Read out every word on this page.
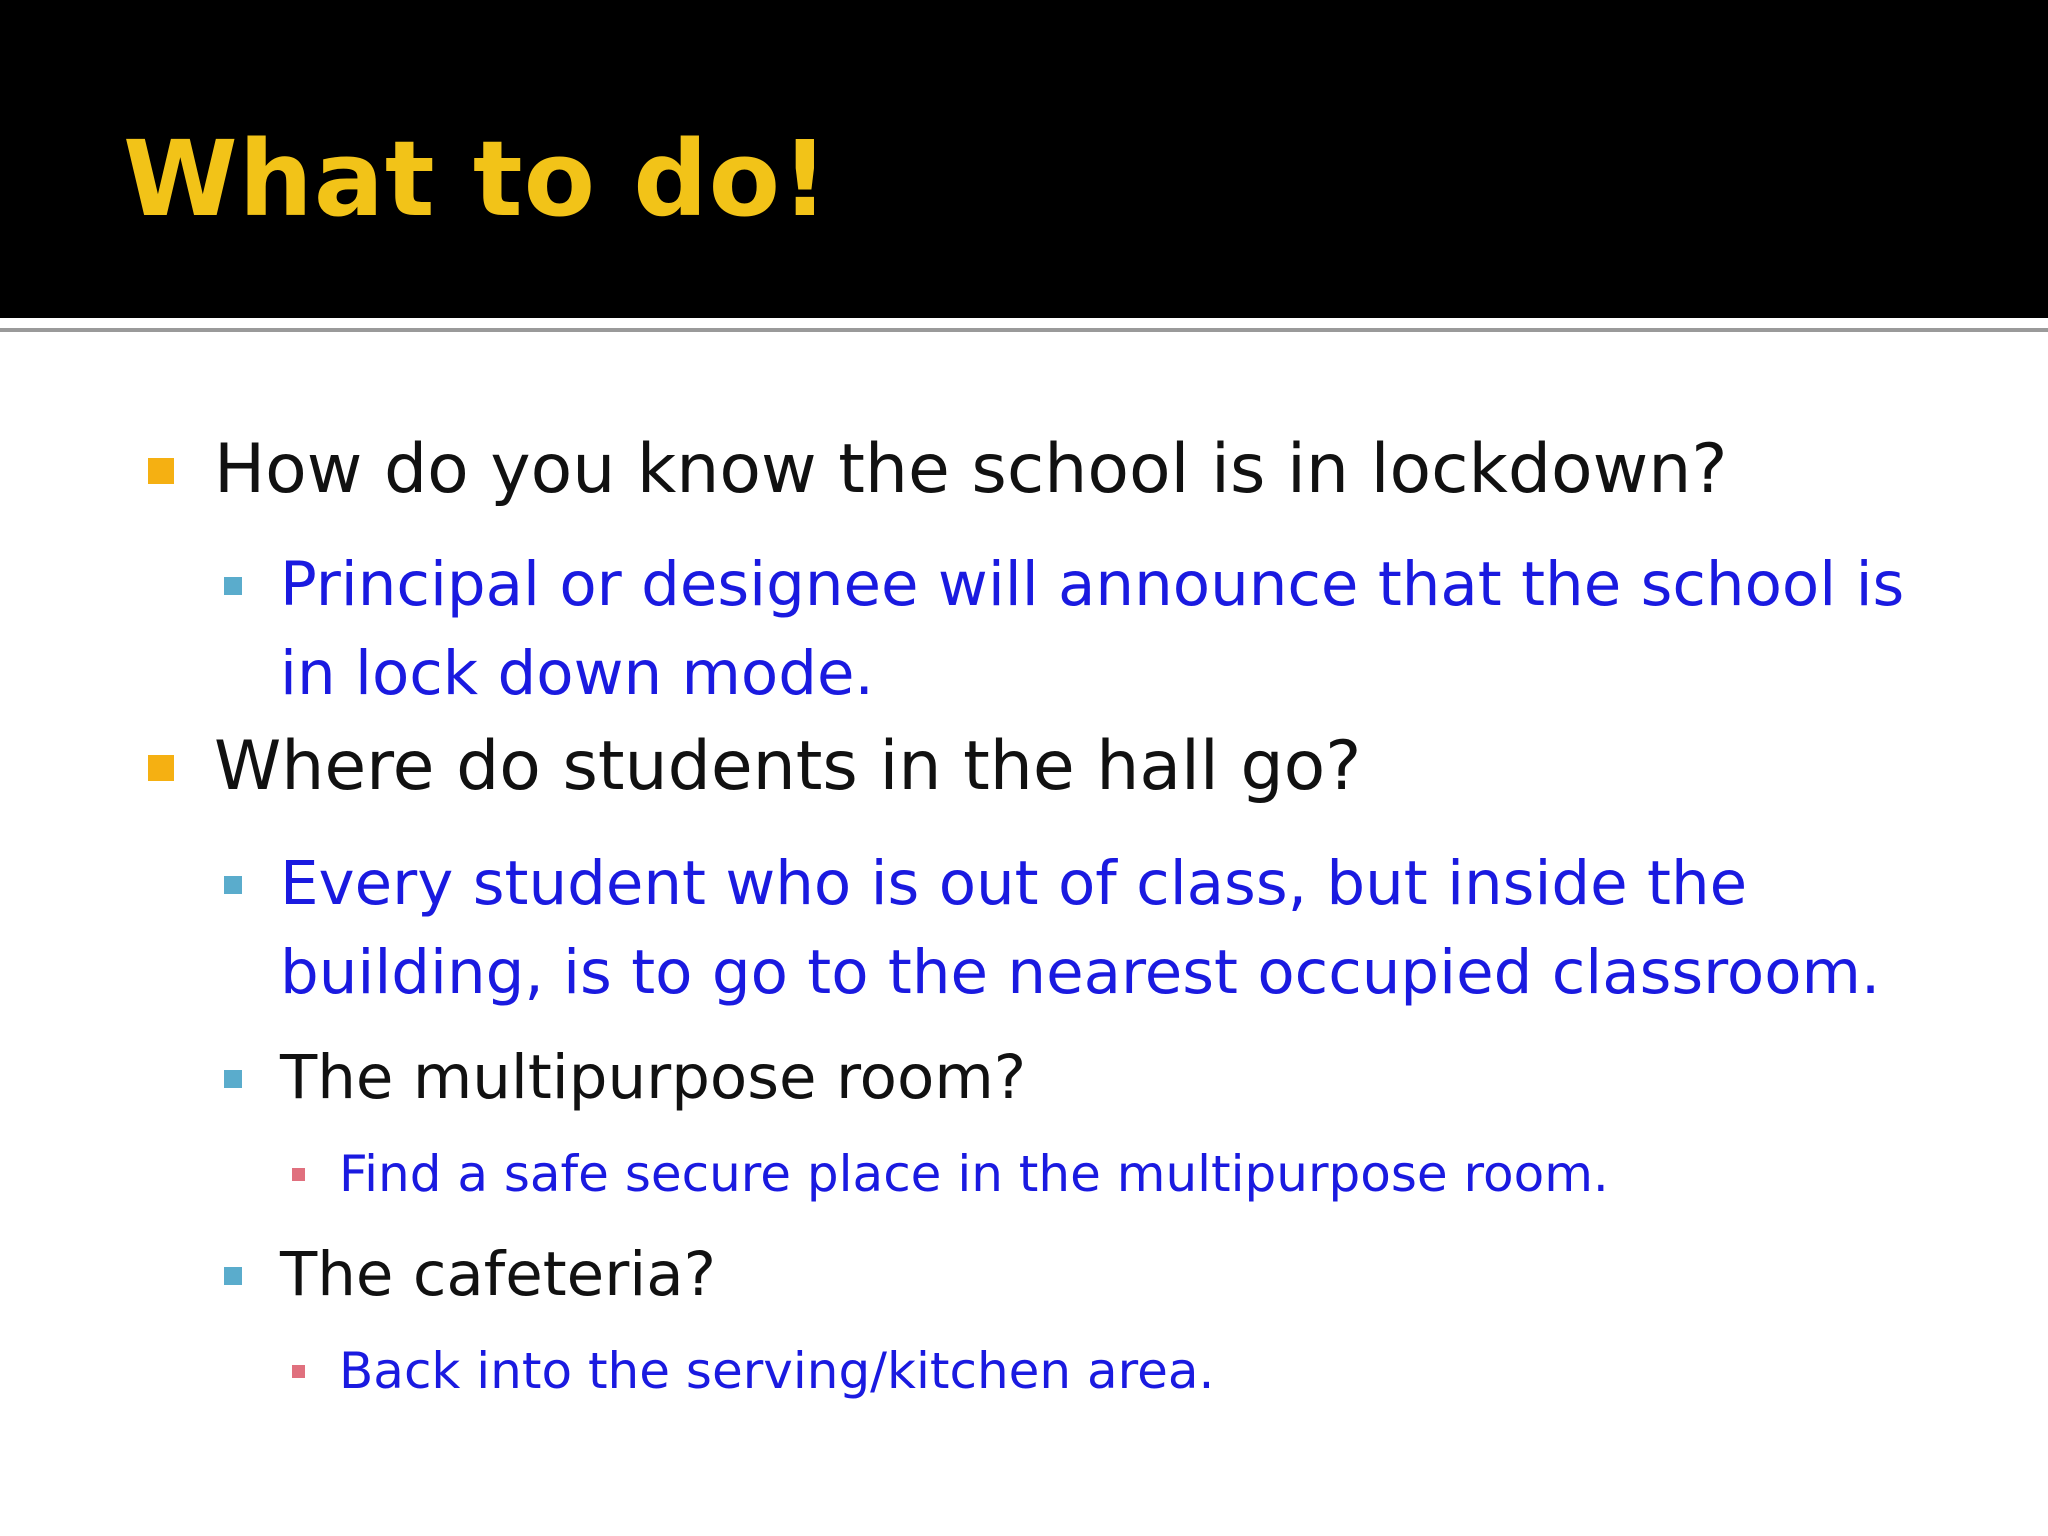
What to do!
How do you know the school is in lockdown?
Principal or designee will announce that the school is
in lock down mode.
Where do students in the hall go?
Every student who is out of class, but inside the
building, is to go to the nearest occupied classroom.
The multipurpose room?
Find a safe secure place in the multipurpose room.
The cafeteria?
Back into the serving/kitchen area.
